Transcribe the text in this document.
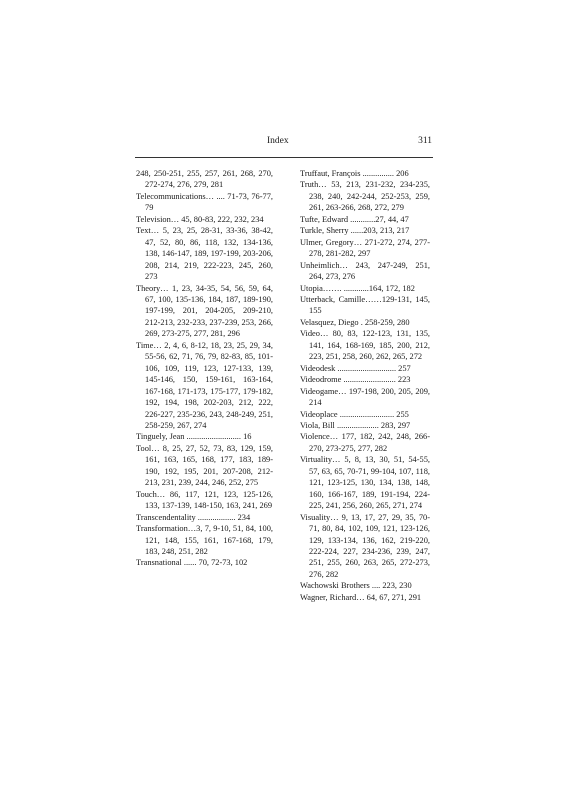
Index	311

248, 250-251, 255, 257, 261, 268, 270, 272-274, 276, 279, 281

Telecommunications… .... 71-73, 76-77, 79

Television… 45, 80-83, 222, 232, 234

Text… 5, 23, 25, 28-31, 33-36, 38-42, 47, 52, 80, 86, 118, 132, 134-136, 138, 146-147, 189, 197-199, 203-206, 208, 214, 219, 222-223, 245, 260, 273

Theory… 1, 23, 34-35, 54, 56, 59, 64, 67, 100, 135-136, 184, 187, 189-190, 197-199, 201, 204-205, 209-210, 212-213, 232-233, 237-239, 253, 266, 269, 273-275, 277, 281, 296

Time… 2, 4, 6, 8-12, 18, 23, 25, 29, 34, 55-56, 62, 71, 76, 79, 82-83, 85, 101-106, 109, 119, 123, 127-133, 139, 145-146, 150, 159-161, 163-164, 167-168, 171-173, 175-177, 179-182, 192, 194, 198, 202-203, 212, 222, 226-227, 235-236, 243, 248-249, 251, 258-259, 267, 274

Tinguely, Jean .......................... 16

Tool… 8, 25, 27, 52, 73, 83, 129, 159, 161, 163, 165, 168, 177, 183, 189-190, 192, 195, 201, 207-208, 212-213, 231, 239, 244, 246, 252, 275

Touch… 86, 117, 121, 123, 125-126, 133, 137-139, 148-150, 163, 241, 269

Transcendentality .................. 234

Transformation…3, 7, 9-10, 51, 84, 100, 121, 148, 155, 161, 167-168, 179, 183, 248, 251, 282

Transnational ...... 70, 72-73, 102

Truffaut, François ............... 206

Truth… 53, 213, 231-232, 234-235, 238, 240, 242-244, 252-253, 259, 261, 263-266, 268, 272, 279

Tufte, Edward ............27, 44, 47

Turkle, Sherry ......203, 213, 217

Ulmer, Gregory… 271-272, 274, 277-278, 281-282, 297

Unheimlich… 243, 247-249, 251, 264, 273, 276

Utopia……. ............164, 172, 182

Utterback, Camille……129-131, 145, 155

Velasquez, Diego . 258-259, 280

Video… 80, 83, 122-123, 131, 135, 141, 164, 168-169, 185, 200, 212, 223, 251, 258, 260, 262, 265, 272

Videodesk ............................ 257

Videodrome ......................... 223

Videogame… 197-198, 200, 205, 209, 214

Videoplace .......................... 255

Viola, Bill .................... 283, 297

Violence… 177, 182, 242, 248, 266-270, 273-275, 277, 282

Virtuality… 5, 8, 13, 30, 51, 54-55, 57, 63, 65, 70-71, 99-104, 107, 118, 121, 123-125, 130, 134, 138, 148, 160, 166-167, 189, 191-194, 224-225, 241, 256, 260, 265, 271, 274

Visuality… 9, 13, 17, 27, 29, 35, 70-71, 80, 84, 102, 109, 121, 123-126, 129, 133-134, 136, 162, 219-220, 222-224, 227, 234-236, 239, 247, 251, 255, 260, 263, 265, 272-273, 276, 282

Wachowski Brothers .... 223, 230

Wagner, Richard… 64, 67, 271, 291
